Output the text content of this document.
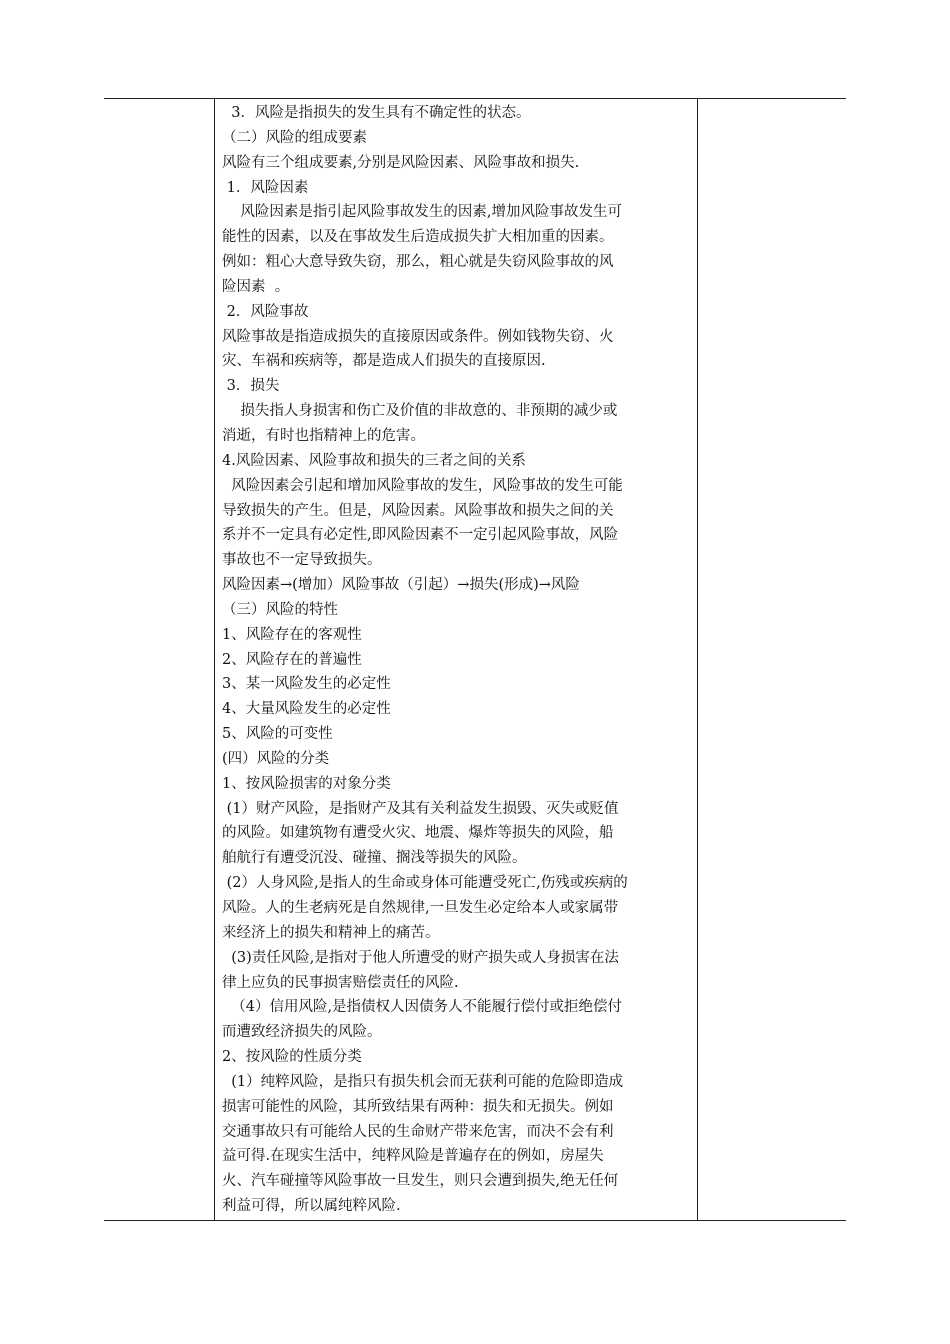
3．风险是指损失的发生具有不确定性的状态。
（二）风险的组成要素
风险有三个组成要素,分别是风险因素、风险事故和损失.
1．风险因素
风险因素是指引起风险事故发生的因素,增加风险事故发生可
能性的因素，以及在事故发生后造成损失扩大相加重的因素。
例如：粗心大意导致失窃，那么，粗心就是失窃风险事故的风
险因素  。
2．风险事故
风险事故是指造成损失的直接原因或条件。例如钱物失窃、火
灾、车祸和疾病等，都是造成人们损失的直接原因.
3．损失
损失指人身损害和伤亡及价值的非故意的、非预期的减少或
消逝，有时也指精神上的危害。
4.风险因素、风险事故和损失的三者之间的关系
风险因素会引起和增加风险事故的发生，风险事故的发生可能
导致损失的产生。但是，风险因素。风险事故和损失之间的关
系并不一定具有必定性,即风险因素不一定引起风险事故，风险
事故也不一定导致损失。
风险因素→(增加）风险事故（引起）→损失(形成)→风险
（三）风险的特性
1、风险存在的客观性
2、风险存在的普遍性
3、某一风险发生的必定性
4、大量风险发生的必定性
5、风险的可变性
(四）风险的分类
1、按风险损害的对象分类
(1）财产风险，是指财产及其有关利益发生损毁、灭失或贬值
的风险。如建筑物有遭受火灾、地震、爆炸等损失的风险，船
舶航行有遭受沉没、碰撞、搁浅等损失的风险。
(2）人身风险,是指人的生命或身体可能遭受死亡,伤残或疾病的
风险。人的生老病死是自然规律,一旦发生必定给本人或家属带
来经济上的损失和精神上的痛苦。
(3)责任风险,是指对于他人所遭受的财产损失或人身损害在法
律上应负的民事损害赔偿责任的风险.
（4）信用风险,是指债权人因债务人不能履行偿付或拒绝偿付
而遭致经济损失的风险。
2、按风险的性质分类
(1）纯粹风险，是指只有损失机会而无获利可能的危险即造成
损害可能性的风险，其所致结果有两种：损失和无损失。例如
交通事故只有可能给人民的生命财产带来危害，而决不会有利
益可得.在现实生活中，纯粹风险是普遍存在的例如，房屋失
火、汽车碰撞等风险事故一旦发生，则只会遭到损失,绝无任何
利益可得，所以属纯粹风险.
